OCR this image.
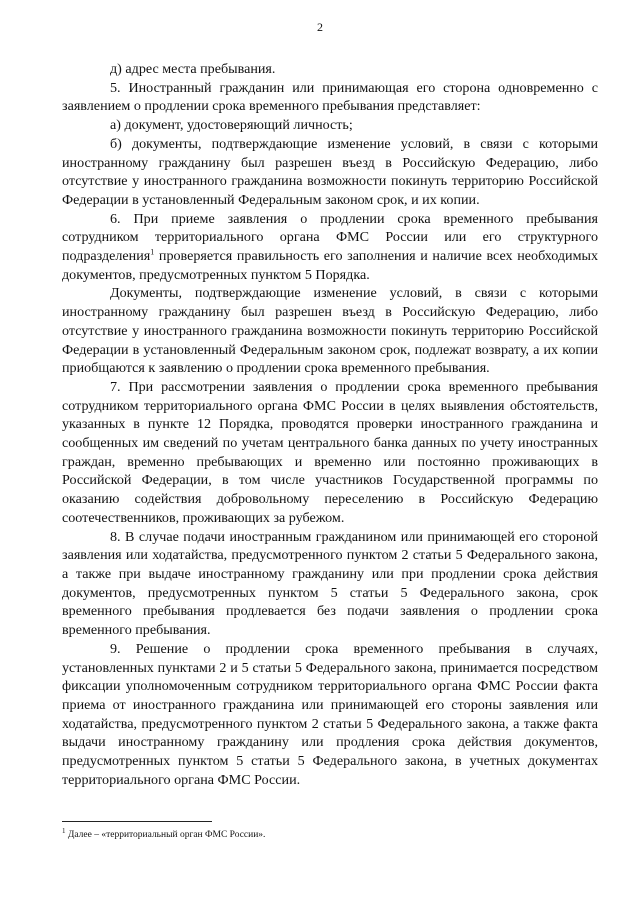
2

д) адрес места пребывания.

5. Иностранный гражданин или принимающая его сторона одновременно с заявлением о продлении срока временного пребывания представляет:

а) документ, удостоверяющий личность;

б) документы, подтверждающие изменение условий, в связи с которыми иностранному гражданину был разрешен въезд в Российскую Федерацию, либо отсутствие у иностранного гражданина возможности покинуть территорию Российской Федерации в установленный Федеральным законом срок, и их копии.

6. При приеме заявления о продлении срока временного пребывания сотрудником территориального органа ФМС России или его структурного подразделения$^1$ проверяется правильность его заполнения и наличие всех необходимых документов, предусмотренных пунктом 5 Порядка.

Документы, подтверждающие изменение условий, в связи с которыми иностранному гражданину был разрешен въезд в Российскую Федерацию, либо отсутствие у иностранного гражданина возможности покинуть территорию Российской Федерации в установленный Федеральным законом срок, подлежат возврату, а их копии приобщаются к заявлению о продлении срока временного пребывания.

7. При рассмотрении заявления о продлении срока временного пребывания сотрудником территориального органа ФМС России в целях выявления обстоятельств, указанных в пункте 12 Порядка, проводятся проверки иностранного гражданина и сообщенных им сведений по учетам центрального банка данных по учету иностранных граждан, временно пребывающих и временно или постоянно проживающих в Российской Федерации, в том числе участников Государственной программы по оказанию содействия добровольному переселению в Российскую Федерацию соотечественников, проживающих за рубежом.

8. В случае подачи иностранным гражданином или принимающей его стороной заявления или ходатайства, предусмотренного пунктом 2 статьи 5 Федерального закона, а также при выдаче иностранному гражданину или при продлении срока действия документов, предусмотренных пунктом 5 статьи 5 Федерального закона, срок временного пребывания продлевается без подачи заявления о продлении срока временного пребывания.

9. Решение о продлении срока временного пребывания в случаях, установленных пунктами 2 и 5 статьи 5 Федерального закона, принимается посредством фиксации уполномоченным сотрудником территориального органа ФМС России факта приема от иностранного гражданина или принимающей его стороны заявления или ходатайства, предусмотренного пунктом 2 статьи 5 Федерального закона, а также факта выдачи иностранному гражданину или продления срока действия документов, предусмотренных пунктом 5 статьи 5 Федерального закона, в учетных документах территориального органа ФМС России.

$^1$ Далее – «территориальный орган ФМС России».
